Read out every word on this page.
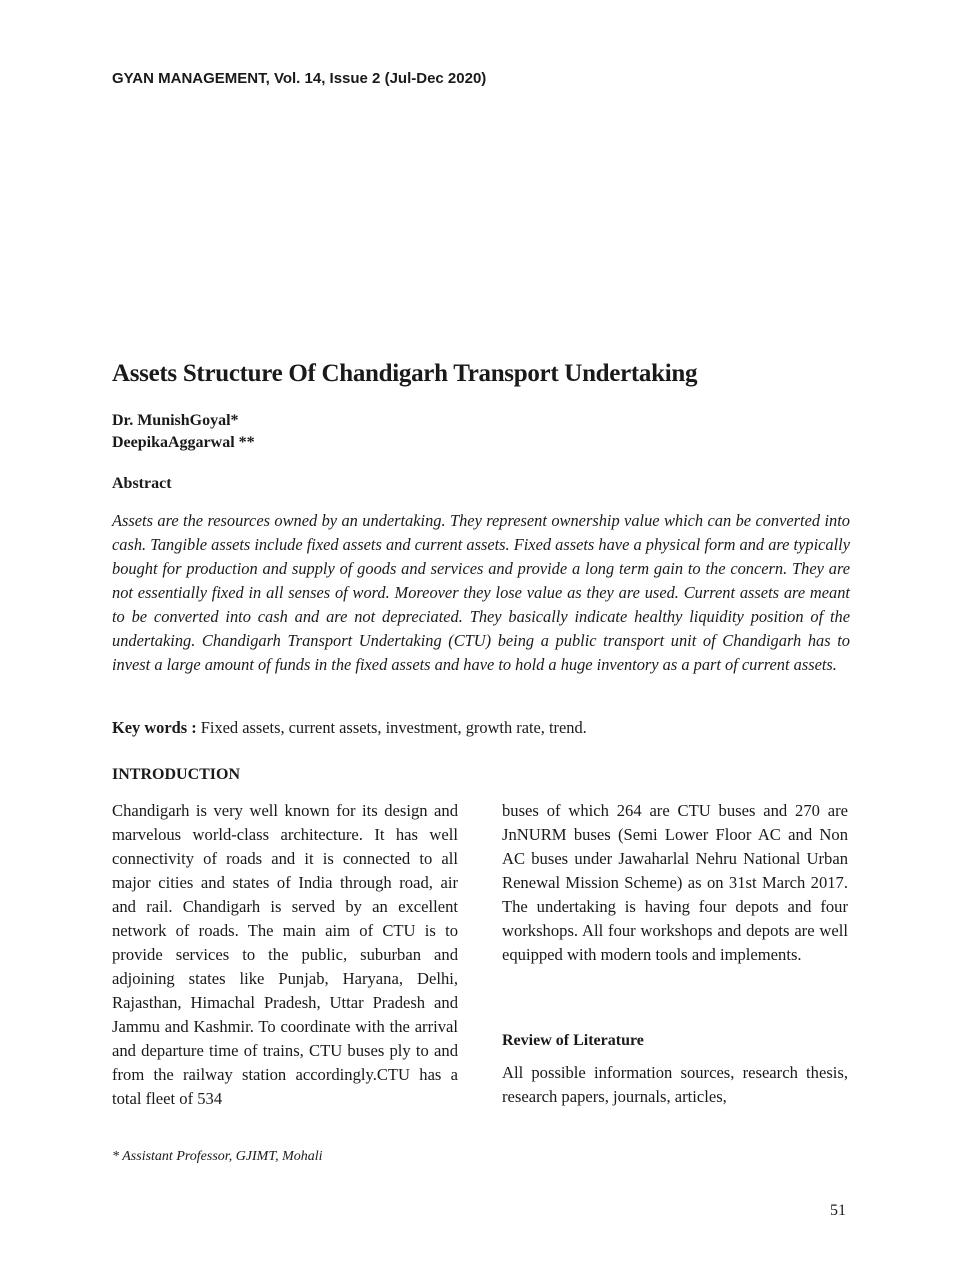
GYAN MANAGEMENT, Vol. 14, Issue 2 (Jul-Dec 2020)
Assets Structure Of Chandigarh Transport Undertaking
Dr. MunishGoyal*
DeepikaAggarwal **
Abstract

Assets are the resources owned by an undertaking. They represent ownership value which can be converted into cash. Tangible assets include fixed assets and current assets. Fixed assets have a physical form and are typically bought for production and supply of goods and services and provide a long term gain to the concern. They are not essentially fixed in all senses of word. Moreover they lose value as they are used. Current assets are meant to be converted into cash and are not depreciated. They basically indicate healthy liquidity position of the undertaking. Chandigarh Transport Undertaking (CTU) being a public transport unit of Chandigarh has to invest a large amount of funds in the fixed assets and have to hold a huge inventory as a part of current assets.

Key words : Fixed assets, current assets, investment, growth rate, trend.

INTRODUCTION

Chandigarh is very well known for its design and marvelous world-class architecture. It has well connectivity of roads and it is connected to all major cities and states of India through road, air and rail. Chandigarh is served by an excellent network of roads. The main aim of CTU is to provide services to the public, suburban and adjoining states like Punjab, Haryana, Delhi, Rajasthan, Himachal Pradesh, Uttar Pradesh and Jammu and Kashmir. To coordinate with the arrival and departure time of trains, CTU buses ply to and from the railway station accordingly.CTU has a total fleet of 534

buses of which 264 are CTU buses and 270 are JnNURM buses (Semi Lower Floor AC and Non AC buses under Jawaharlal Nehru National Urban Renewal Mission Scheme) as on 31st March 2017. The undertaking is having four depots and four workshops. All four workshops and depots are well equipped with modern tools and implements.

Review of Literature

All possible information sources, research thesis, research papers, journals, articles,

* Assistant Professor, GJIMT, Mohali

51
